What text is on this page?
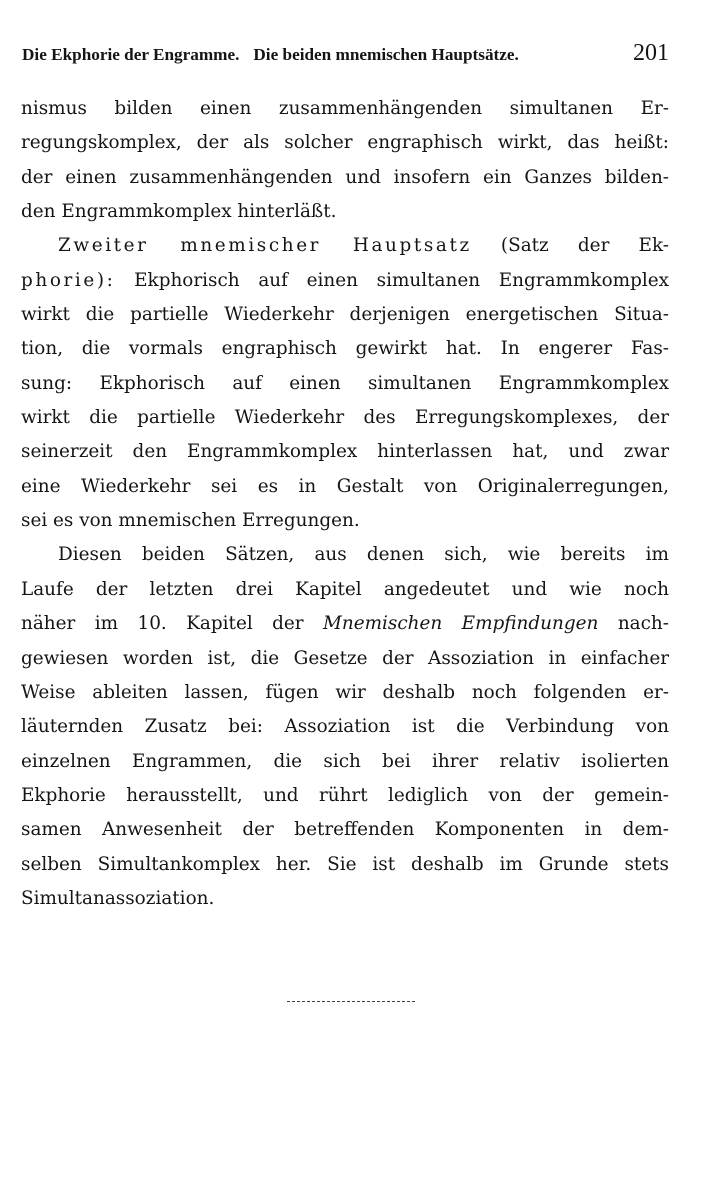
Die Ekphorie der Engramme. Die beiden mnemischen Hauptsätze.	201
nismus bilden einen zusammenhängenden simultanen Er-
regungskomplex, der als solcher engraphisch wirkt, das heißt:
der einen zusammenhängenden und insofern ein Ganzes bilden-
den Engrammkomplex hinterläßt.
Zweiter mnemischer Hauptsatz (Satz der Ek-
phorie): Ekphorisch auf einen simultanen Engrammkomplex
wirkt die partielle Wiederkehr derjenigen energetischen Situa-
tion, die vormals engraphisch gewirkt hat. In engerer Fas-
sung: Ekphorisch auf einen simultanen Engrammkomplex
wirkt die partielle Wiederkehr des Erregungskomplexes, der
seinerzeit den Engrammkomplex hinterlassen hat, und zwar
eine Wiederkehr sei es in Gestalt von Originalerregungen,
sei es von mnemischen Erregungen.
Diesen beiden Sätzen, aus denen sich, wie bereits im
Laufe der letzten drei Kapitel angedeutet und wie noch
näher im 10. Kapitel der Mnemischen Empfindungen nach-
gewiesen worden ist, die Gesetze der Assoziation in einfacher
Weise ableiten lassen, fügen wir deshalb noch folgenden er-
läuternden Zusatz bei: Assoziation ist die Verbindung von
einzelnen Engrammen, die sich bei ihrer relativ isolierten
Ekphorie herausstellt, und rührt lediglich von der gemein-
samen Anwesenheit der betreffenden Komponenten in dem-
selben Simultankomplex her. Sie ist deshalb im Grunde stets
Simultanassoziation.
